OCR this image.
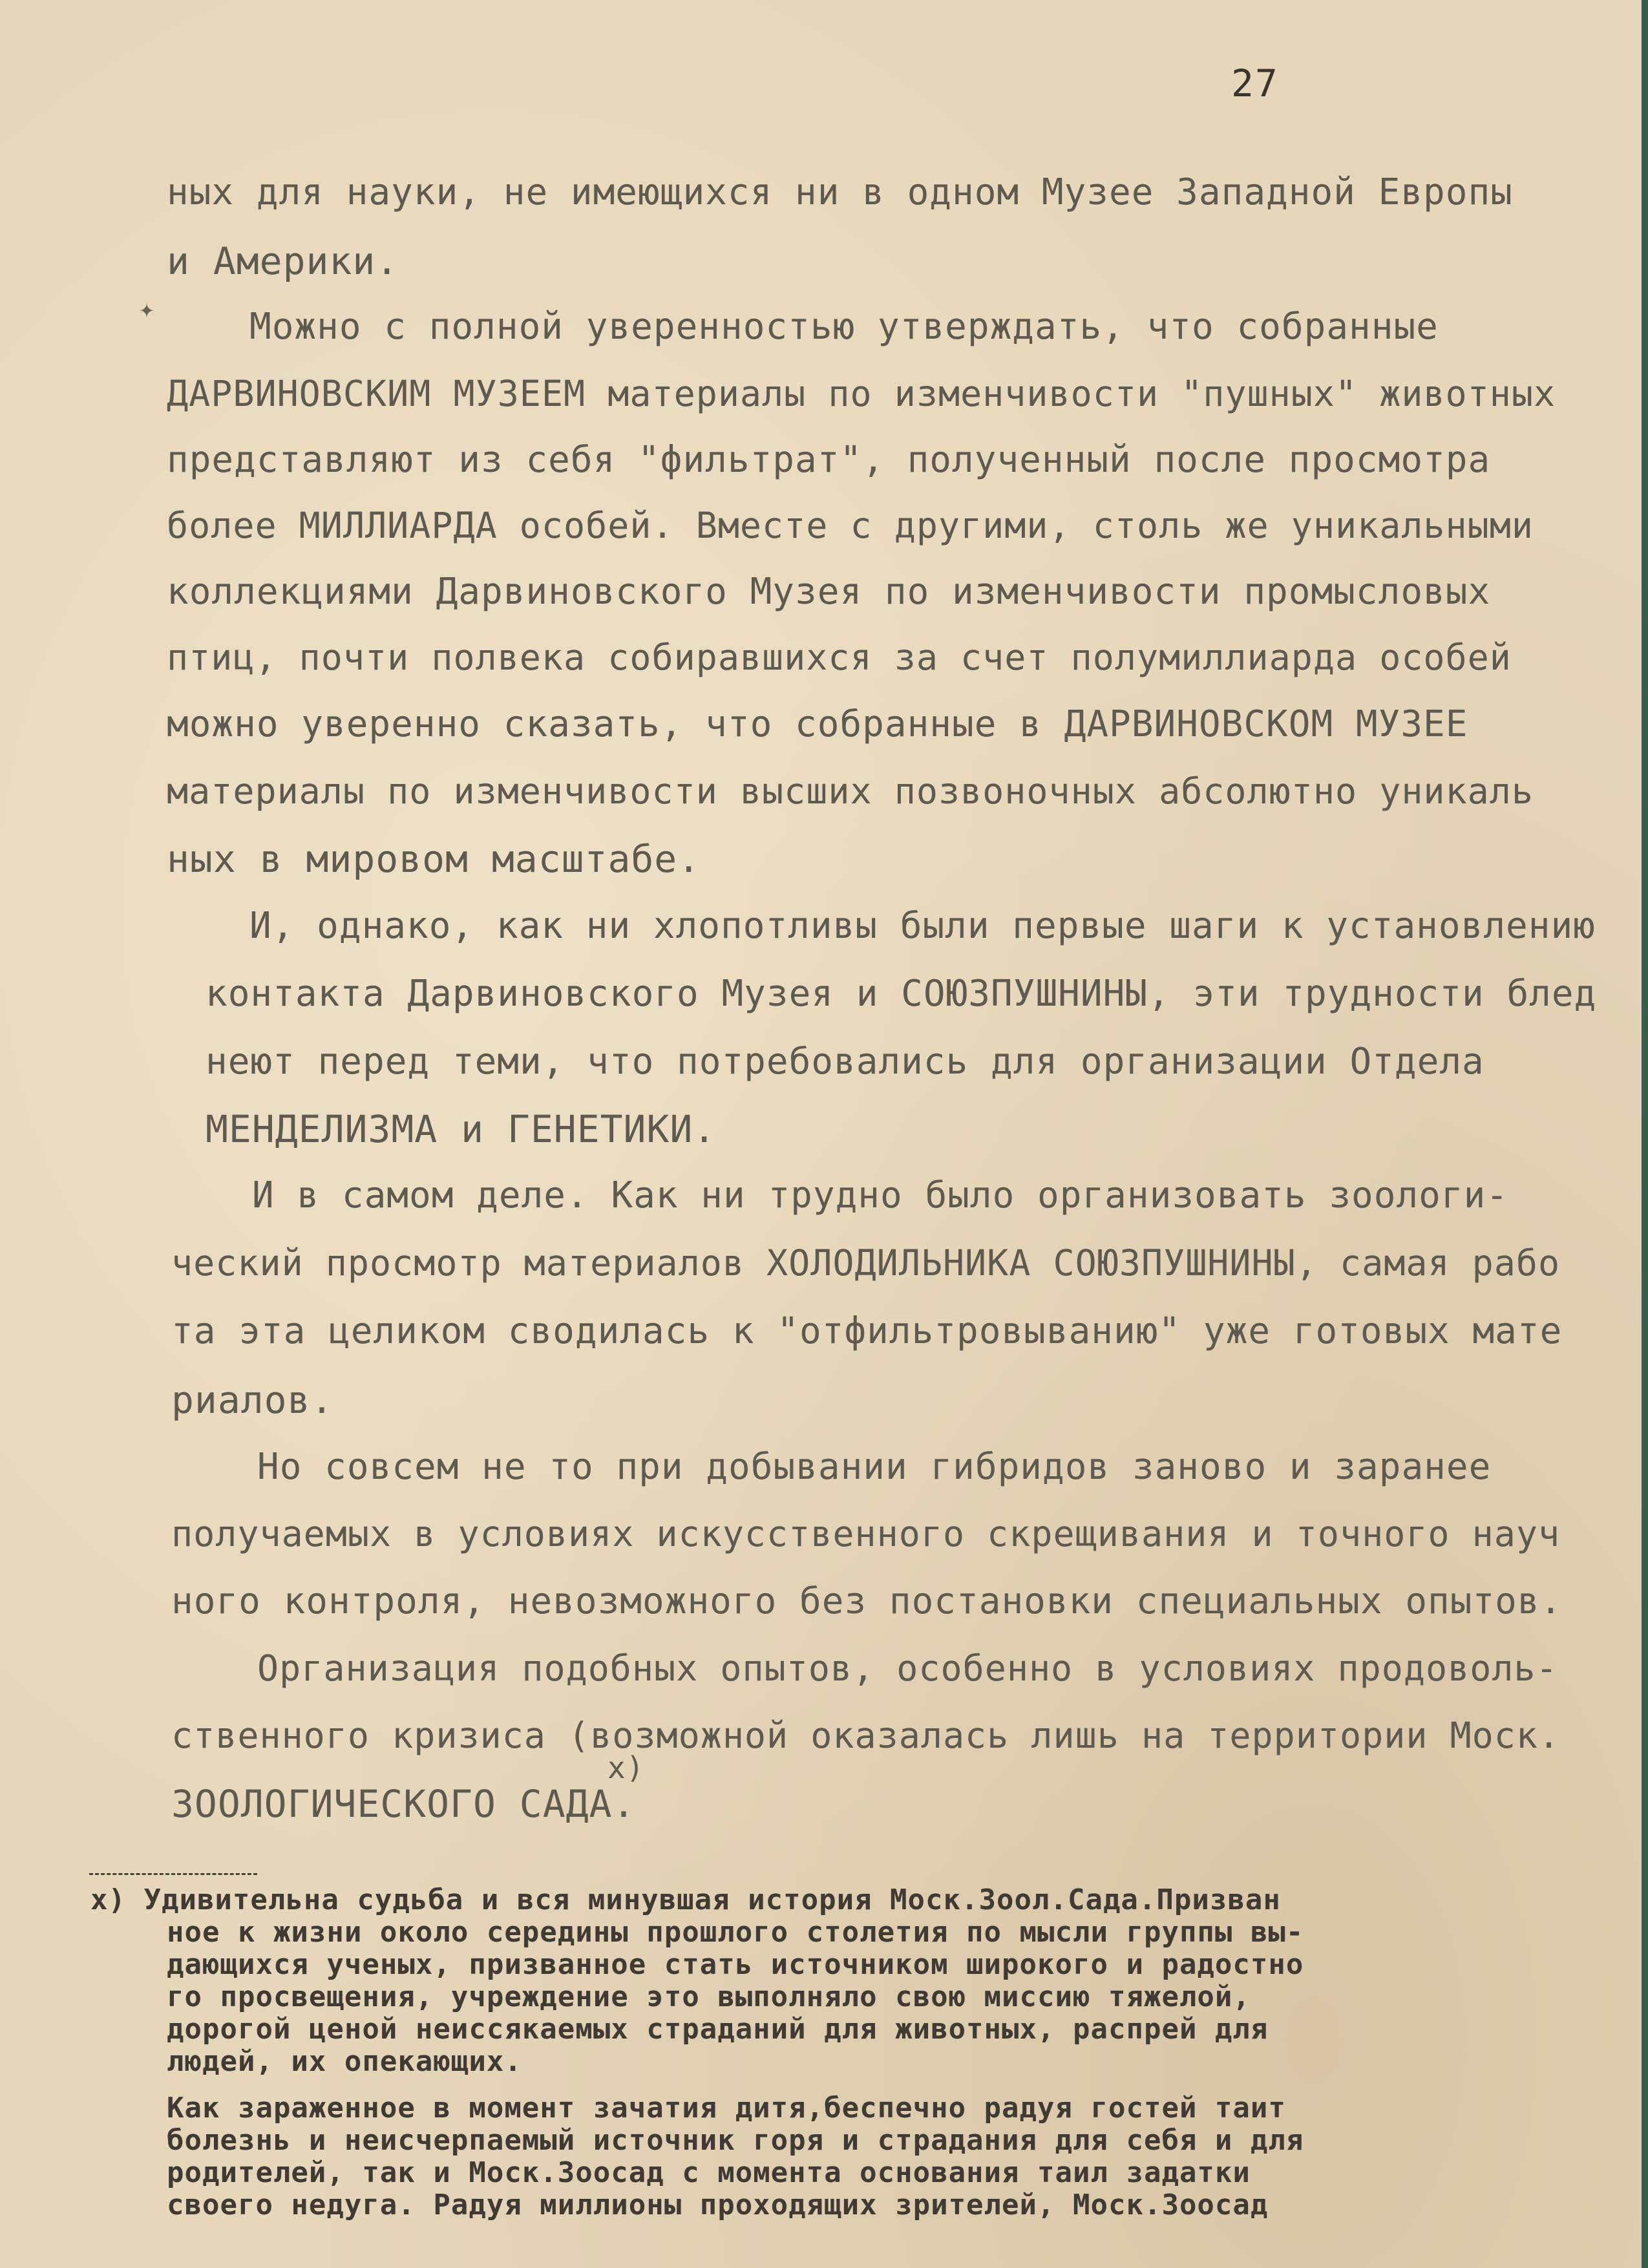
27
✦
ных для науки, не имеющихся ни в одном Музее Западной Европы
и Америки.
Можно с полной уверенностью утверждать, что собранные
ДАРВИНОВСКИМ МУЗЕЕМ материалы по изменчивости "пушных" животных
представляют из себя "фильтрат", полученный после просмотра
более МИЛЛИАРДА особей. Вместе с другими, столь же уникальными
коллекциями Дарвиновского Музея по изменчивости промысловых
птиц, почти полвека собиравшихся за счет полумиллиарда особей
можно уверенно сказать, что собранные в ДАРВИНОВСКОМ МУЗЕЕ
материалы по изменчивости высших позвоночных абсолютно уникаль
ных в мировом масштабе.
И, однако, как ни хлопотливы были первые шаги к установлению
контакта Дарвиновского Музея и СОЮЗПУШНИНЫ, эти трудности блед
неют перед теми, что потребовались для организации Отдела
МЕНДЕЛИЗМА и ГЕНЕТИКИ.
И в самом деле. Как ни трудно было организовать зоологи-
ческий просмотр материалов ХОЛОДИЛЬНИКА СОЮЗПУШНИНЫ, самая рабо
та эта целиком сводилась к "отфильтровыванию" уже готовых мате
риалов.
Но совсем не то при добывании гибридов заново и заранее
получаемых в условиях искусственного скрещивания и точного науч
ного контроля, невозможного без постановки специальных опытов.
Организация подобных опытов, особенно в условиях продоволь-
ственного кризиса (возможной оказалась лишь на территории Моск.
x)
ЗООЛОГИЧЕСКОГО САДА.
x) Удивительна судьба и вся минувшая история Моск.Зоол.Сада.Призван
ное к жизни около середины прошлого столетия по мысли группы вы-
дающихся ученых, призванное стать источником широкого и радостно
го просвещения, учреждение это выполняло свою миссию тяжелой,
дорогой ценой неиссякаемых страданий для животных, распрей для
людей, их опекающих.
Как зараженное в момент зачатия дитя,беспечно радуя гостей таит
болезнь и неисчерпаемый источник горя и страдания для себя и для
родителей, так и Моск.Зоосад с момента основания таил задатки
своего недуга. Радуя миллионы проходящих зрителей, Моск.Зоосад
